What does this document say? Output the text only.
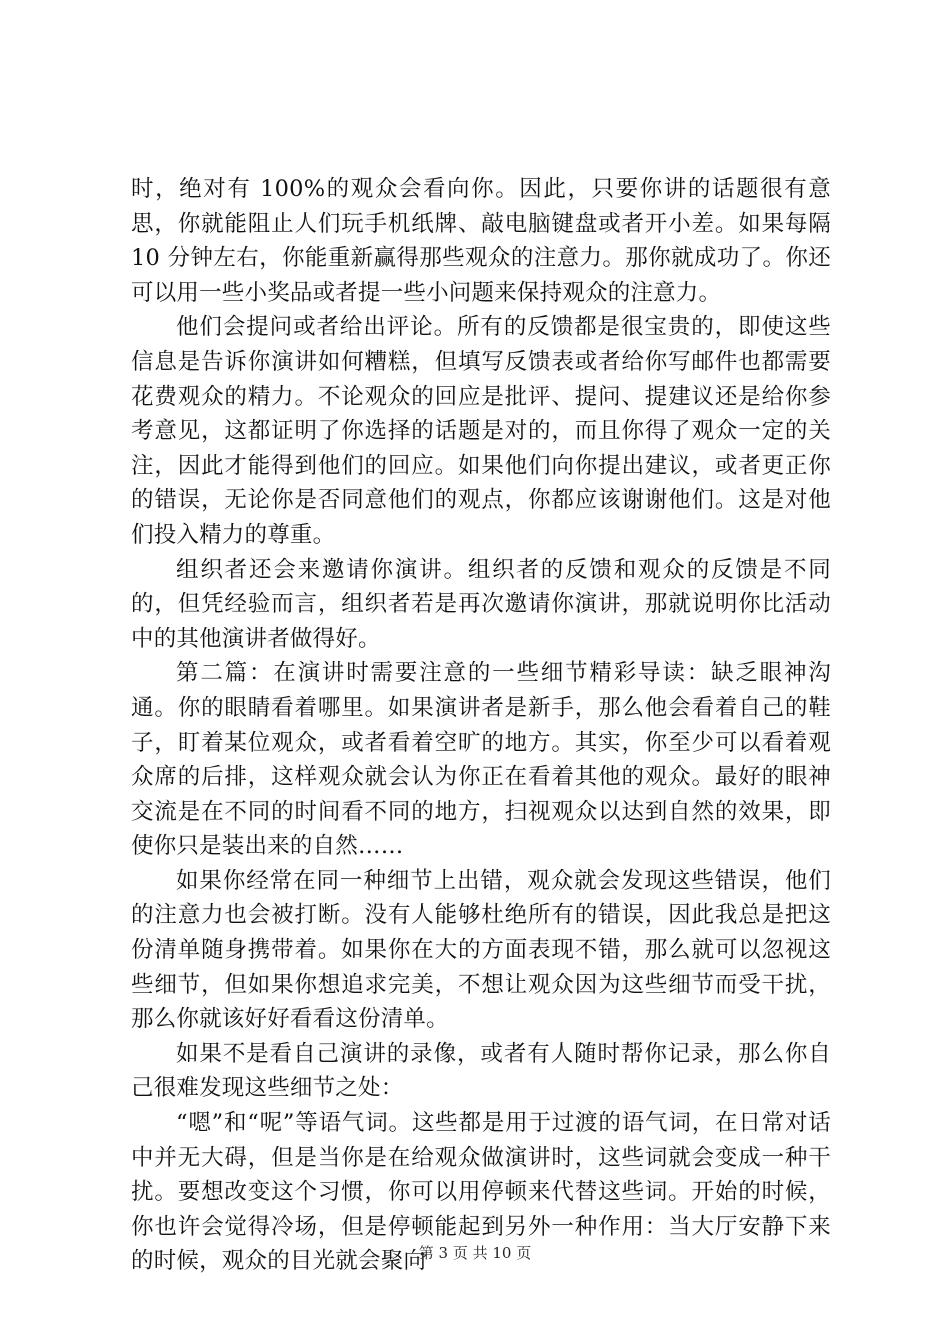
时，绝对有 100%的观众会看向你。因此，只要你讲的话题很有意思，你就能阻止人们玩手机纸牌、敲电脑键盘或者开小差。如果每隔 10 分钟左右，你能重新赢得那些观众的注意力。那你就成功了。你还可以用一些小奖品或者提一些小问题来保持观众的注意力。

他们会提问或者给出评论。所有的反馈都是很宝贵的，即使这些信息是告诉你演讲如何糟糕，但填写反馈表或者给你写邮件也都需要花费观众的精力。不论观众的回应是批评、提问、提建议还是给你参考意见，这都证明了你选择的话题是对的，而且你得了观众一定的关注，因此才能得到他们的回应。如果他们向你提出建议，或者更正你的错误，无论你是否同意他们的观点，你都应该谢谢他们。这是对他们投入精力的尊重。

组织者还会来邀请你演讲。组织者的反馈和观众的反馈是不同的，但凭经验而言，组织者若是再次邀请你演讲，那就说明你比活动中的其他演讲者做得好。

第二篇：在演讲时需要注意的一些细节精彩导读：缺乏眼神沟通。你的眼睛看着哪里。如果演讲者是新手，那么他会看着自己的鞋子，盯着某位观众，或者看着空旷的地方。其实，你至少可以看着观众席的后排，这样观众就会认为你正在看着其他的观众。最好的眼神交流是在不同的时间看不同的地方，扫视观众以达到自然的效果，即使你只是装出来的自然……

如果你经常在同一种细节上出错，观众就会发现这些错误，他们的注意力也会被打断。没有人能够杜绝所有的错误，因此我总是把这份清单随身携带着。如果你在大的方面表现不错，那么就可以忽视这些细节，但如果你想追求完美，不想让观众因为这些细节而受干扰，那么你就该好好看看这份清单。

如果不是看自己演讲的录像，或者有人随时帮你记录，那么你自己很难发现这些细节之处：

“嗯”和“呢”等语气词。这些都是用于过渡的语气词，在日常对话中并无大碍，但是当你是在给观众做演讲时，这些词就会变成一种干扰。要想改变这个习惯，你可以用停顿来代替这些词。开始的时候，你也许会觉得冷场，但是停顿能起到另外一种作用：当大厅安静下来的时候，观众的目光就会聚向

第 3 页 共 10 页
